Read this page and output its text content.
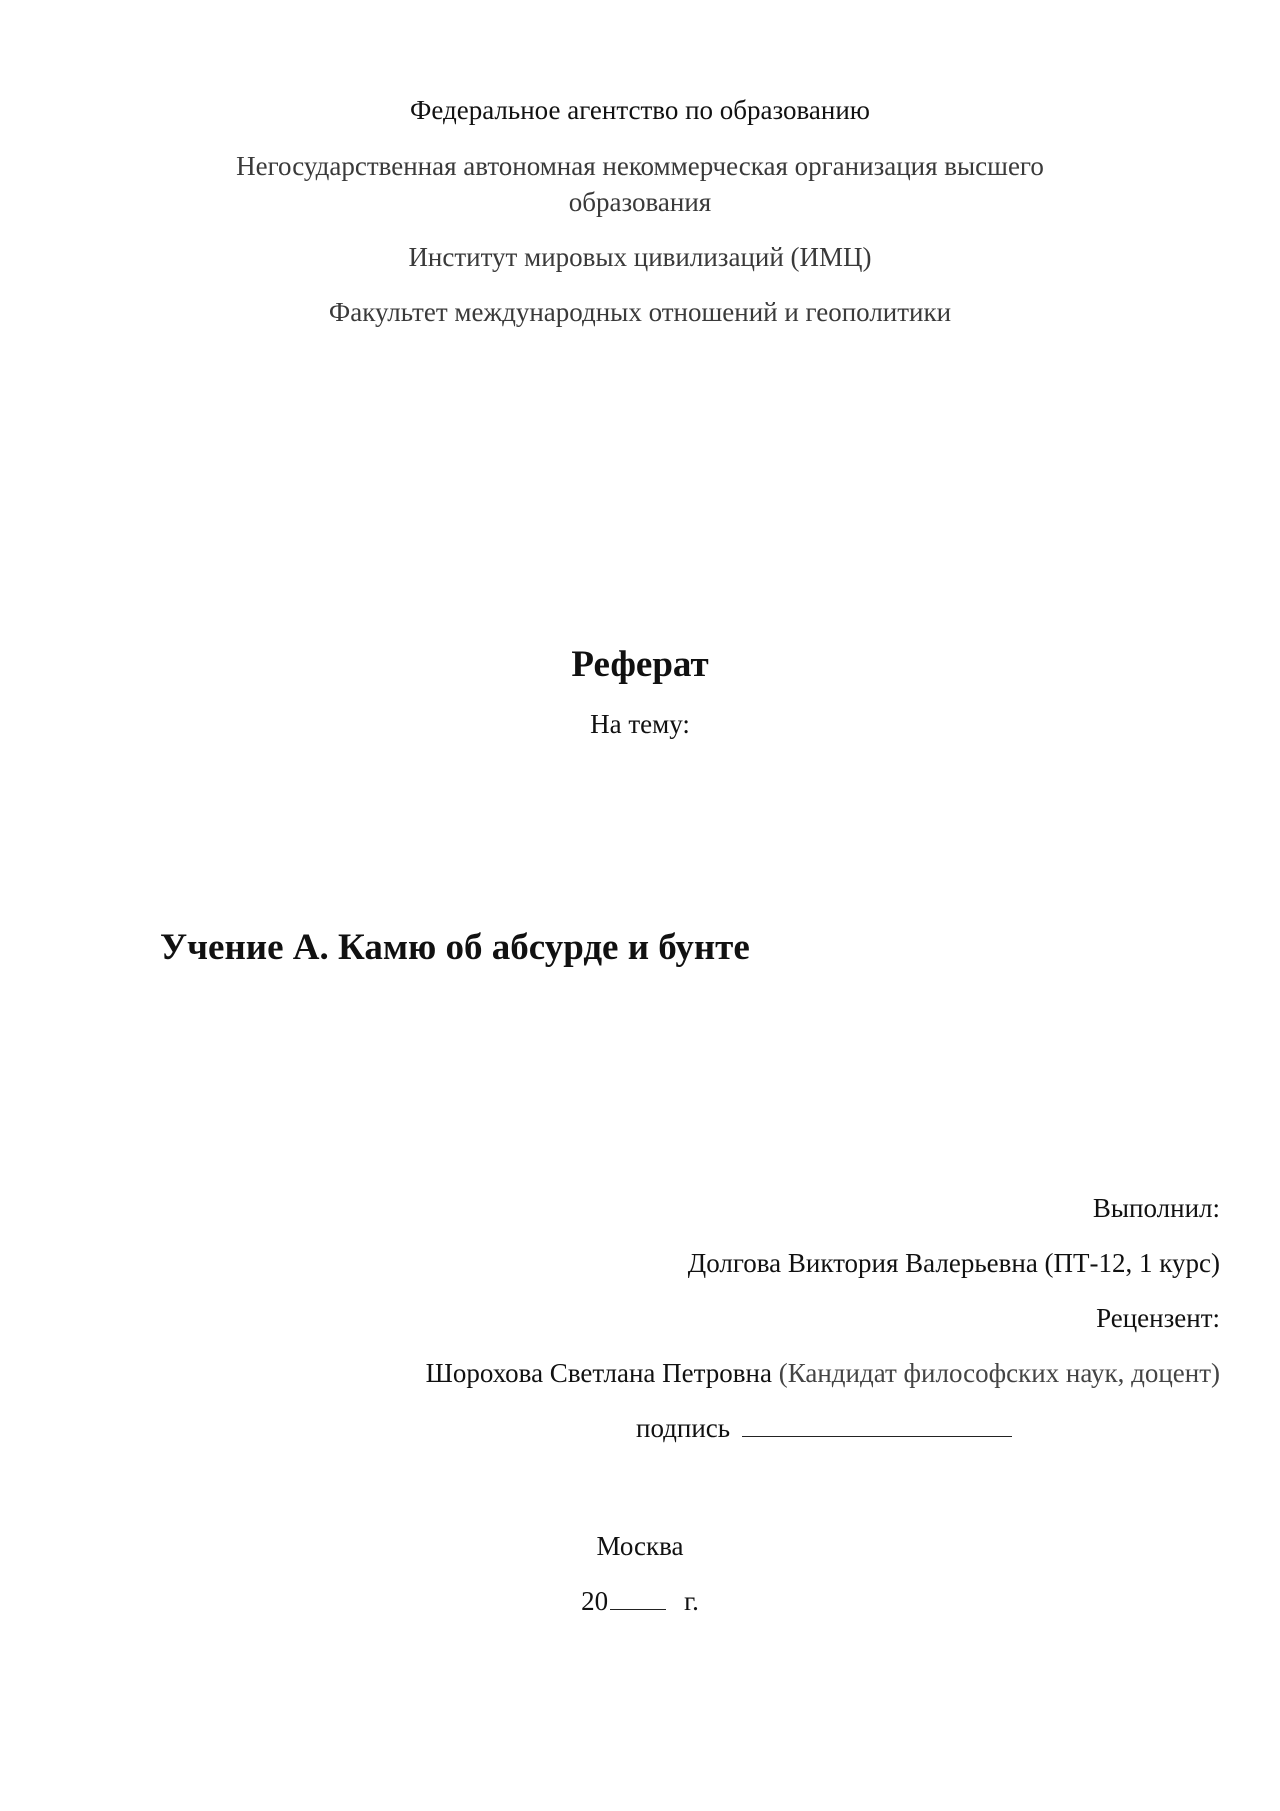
Федеральное агентство по образованию
Негосударственная автономная некоммерческая организация высшего
образования
Институт мировых цивилизаций (ИМЦ)
Факультет международных отношений и геополитики
Реферат
На тему:
Учение А. Камю об абсурде и бунте
Выполнил:
Долгова Виктория Валерьевна (ПТ-12, 1 курс)
Рецензент:
Шорохова Светлана Петровна (Кандидат философских наук, доцент)
подпись
Москва
20	г.
